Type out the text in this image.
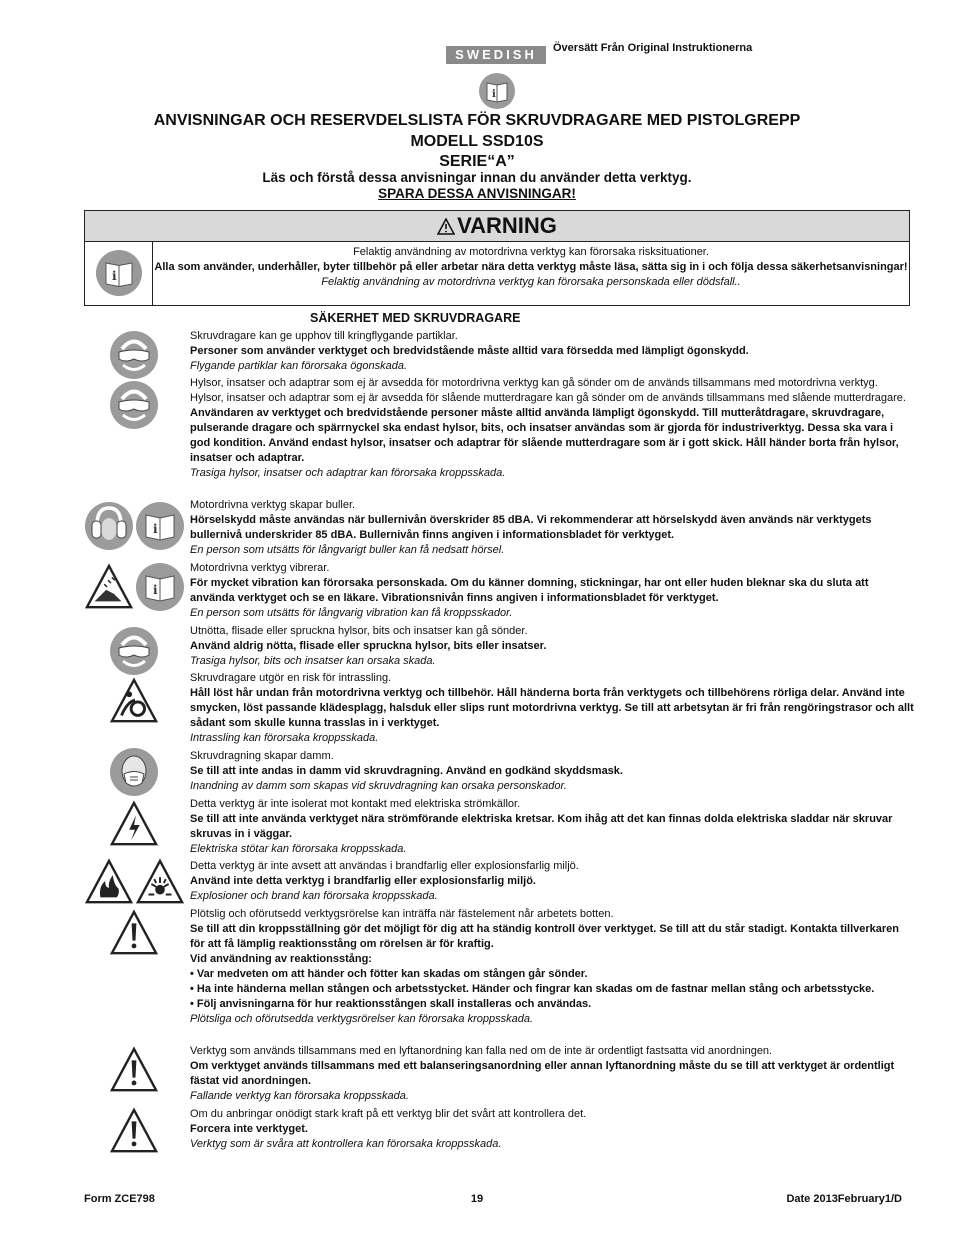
SWEDISH	Översätt Från Original Instruktionerna
i
ANVISNINGAR OCH RESERVDELSLISTA FÖR SKRUVDRAGARE MED PISTOLGREPP
MODELL SSD10S
SERIE“A”
Läs och förstå dessa anvisningar innan du använder detta verktyg.
SPARA DESSA ANVISNINGAR!
VARNING
i
Felaktig användning av motordrivna verktyg kan förorsaka risksituationer.
Alla som använder, underhåller, byter tillbehör på eller arbetar nära detta verktyg måste läsa, sätta sig in i och följa dessa säkerhetsanvisningar!
Felaktig användning av motordrivna verktyg kan förorsaka personskada eller dödsfall..
SÄKERHET MED SKRUVDRAGARE
Skruvdragare kan ge upphov till kringflygande partiklar.
Personer som använder verktyget och bredvidstående måste alltid vara försedda med lämpligt ögonskydd.
Flygande partiklar kan förorsaka ögonskada.
Hylsor, insatser och adaptrar som ej är avsedda för motordrivna verktyg kan gå sönder om de används tillsammans med motordrivna verktyg. Hylsor, insatser och adaptrar som ej är avsedda för slående mutterdragare kan gå sönder om de används tillsammans med slående mutterdragare.
Användaren av verktyget och bredvidstående personer måste alltid använda lämpligt ögonskydd. Till mutteråtdragare, skruvdragare, pulserande dragare och spärrnyckel ska endast hylsor, bits, och insatser användas som är gjorda för industriverktyg. Dessa ska vara i god kondition. Använd endast hylsor, insatser och adaptrar för slående mutterdragare som är i gott skick. Håll händer borta från hylsor, insatser och adaptrar.
Trasiga hylsor, insatser och adaptrar kan förorsaka kroppsskada.
Motordrivna verktyg skapar buller.
Hörselskydd måste användas när bullernivån överskrider 85 dBA. Vi rekommenderar att hörselskydd även används när verktygets bullernivå underskrider 85 dBA. Bullernivån finns angiven i informationsbladet för verktyget.
En person som utsätts för långvarigt buller kan få nedsatt hörsel.
Motordrivna verktyg vibrerar.
För mycket vibration kan förorsaka personskada. Om du känner domning, stickningar, har ont eller huden bleknar ska du sluta att använda verktyget och se en läkare. Vibrationsnivån finns angiven i informationsbladet för verktyget.
En person som utsätts för långvarig vibration kan få kroppsskador.
Utnötta, flisade eller spruckna hylsor, bits och insatser kan gå sönder.
Använd aldrig nötta, flisade eller spruckna hylsor, bits eller insatser.
Trasiga hylsor, bits och insatser kan orsaka skada.
Skruvdragare utgör en risk för intrassling.
Håll löst hår undan från motordrivna verktyg och tillbehör. Håll händerna borta från verktygets och tillbehörens rörliga delar. Använd inte smycken, löst passande klädesplagg, halsduk eller slips runt motordrivna verktyg. Se till att arbetsytan är fri från rengöringstrasor och allt sådant som skulle kunna trasslas in i verktyget.
Intrassling kan förorsaka kroppsskada.
Skruvdragning skapar damm.
Se till att inte andas in damm vid skruvdragning. Använd en godkänd skyddsmask.
Inandning av damm som skapas vid skruvdragning kan orsaka personskador.
Detta verktyg är inte isolerat mot kontakt med elektriska strömkällor.
Se till att inte använda verktyget nära strömförande elektriska kretsar. Kom ihåg att det kan finnas dolda elektriska sladdar när skruvar skruvas in i väggar.
Elektriska stötar kan förorsaka kroppsskada.
Detta verktyg är inte avsett att användas i brandfarlig eller explosionsfarlig miljö.
Använd inte detta verktyg i brandfarlig eller explosionsfarlig miljö.
Explosioner och brand kan förorsaka kroppsskada.
Plötslig och oförutsedd verktygsrörelse kan inträffa när fästelement når arbetets botten.
Se till att din kroppsställning gör det möjligt för dig att ha ständig kontroll över verktyget. Se till att du står stadigt. Kontakta tillverkaren för att få lämplig reaktionsstång om rörelsen är för kraftig.
Vid användning av reaktionsstång:
• Var medveten om att händer och fötter kan skadas om stången går sönder.
• Ha inte händerna mellan stången och arbetsstycket. Händer och fingrar kan skadas om de fastnar mellan stång och arbetsstycke.
• Följ anvisningarna för hur reaktionsstången skall installeras och användas.
Plötsliga och oförutsedda verktygsrörelser kan förorsaka kroppsskada.
Verktyg som används tillsammans med en lyftanordning kan falla ned om de inte är ordentligt fastsatta vid anordningen.
Om verktyget används tillsammans med ett balanseringsanordning eller annan lyftanordning måste du se till att verktyget är ordentligt fästat vid anordningen.
Fallande verktyg kan förorsaka kroppsskada.
Om du anbringar onödigt stark kraft på ett verktyg blir det svårt att kontrollera det.
Forcera inte verktyget.
Verktyg som är svåra att kontrollera kan förorsaka kroppsskada.
19
Form ZCE798	Date 2013February1/D
